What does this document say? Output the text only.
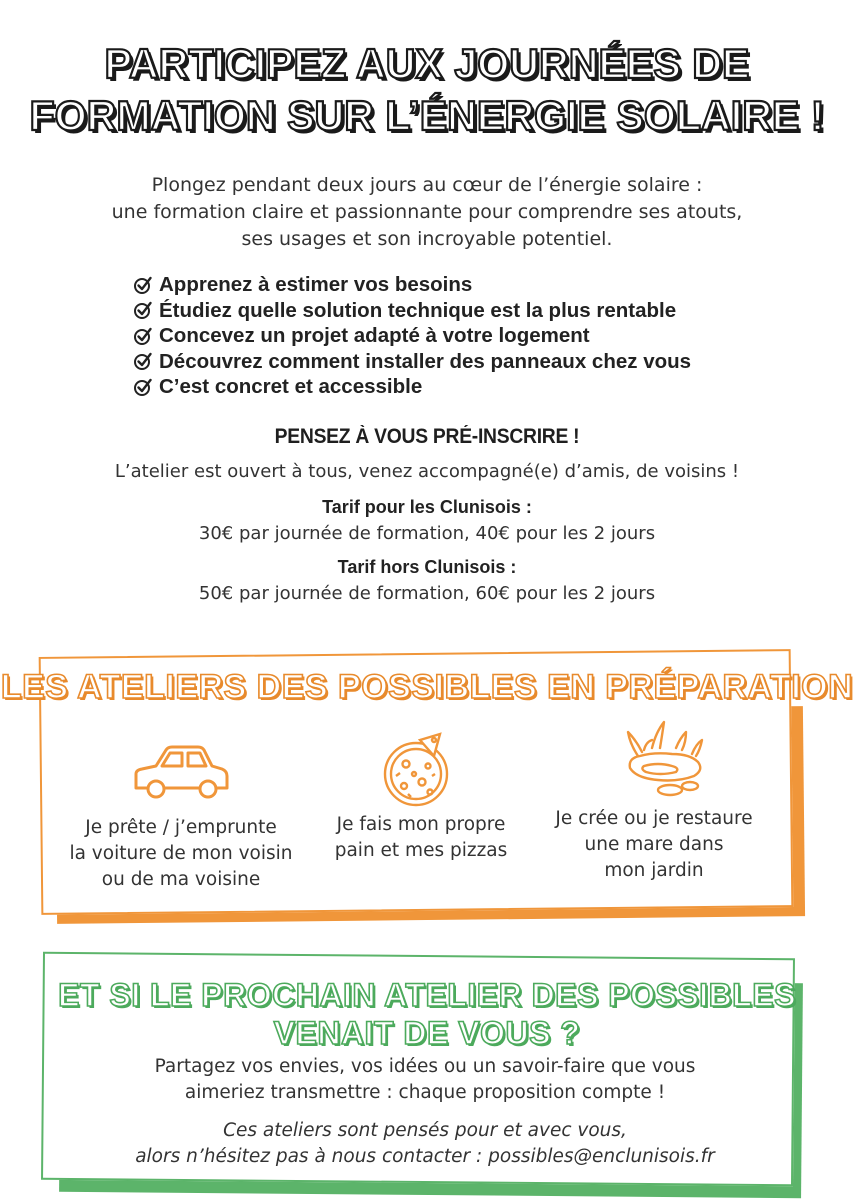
PARTICIPEZ AUX JOURNÉES DE
FORMATION SUR L’ÉNERGIE SOLAIRE !
Plongez pendant deux jours au cœur de l’énergie solaire :
une formation claire et passionnante pour comprendre ses atouts,
ses usages et son incroyable potentiel.
Apprenez à estimer vos besoins
Étudiez quelle solution technique est la plus rentable
Concevez un projet adapté à votre logement
Découvrez comment installer des panneaux chez vous
C’est concret et accessible
PENSEZ À VOUS PRÉ-INSCRIRE !
L’atelier est ouvert à tous, venez accompagné(e) d’amis, de voisins !
Tarif pour les Clunisois :
30€ par journée de formation, 40€ pour les 2 jours
Tarif hors Clunisois :
50€ par journée de formation, 60€ pour les 2 jours
LES ATELIERS DES POSSIBLES EN PRÉPARATION
Je prête / j’emprunte
la voiture de mon voisin
ou de ma voisine
Je fais mon propre
pain et mes pizzas
Je crée ou je restaure
une mare dans
mon jardin
ET SI LE PROCHAIN ATELIER DES POSSIBLES
VENAIT DE VOUS ?
Partagez vos envies, vos idées ou un savoir-faire que vous
aimeriez transmettre : chaque proposition compte !
Ces ateliers sont pensés pour et avec vous,
alors n’hésitez pas à nous contacter : possibles@enclunisois.fr
